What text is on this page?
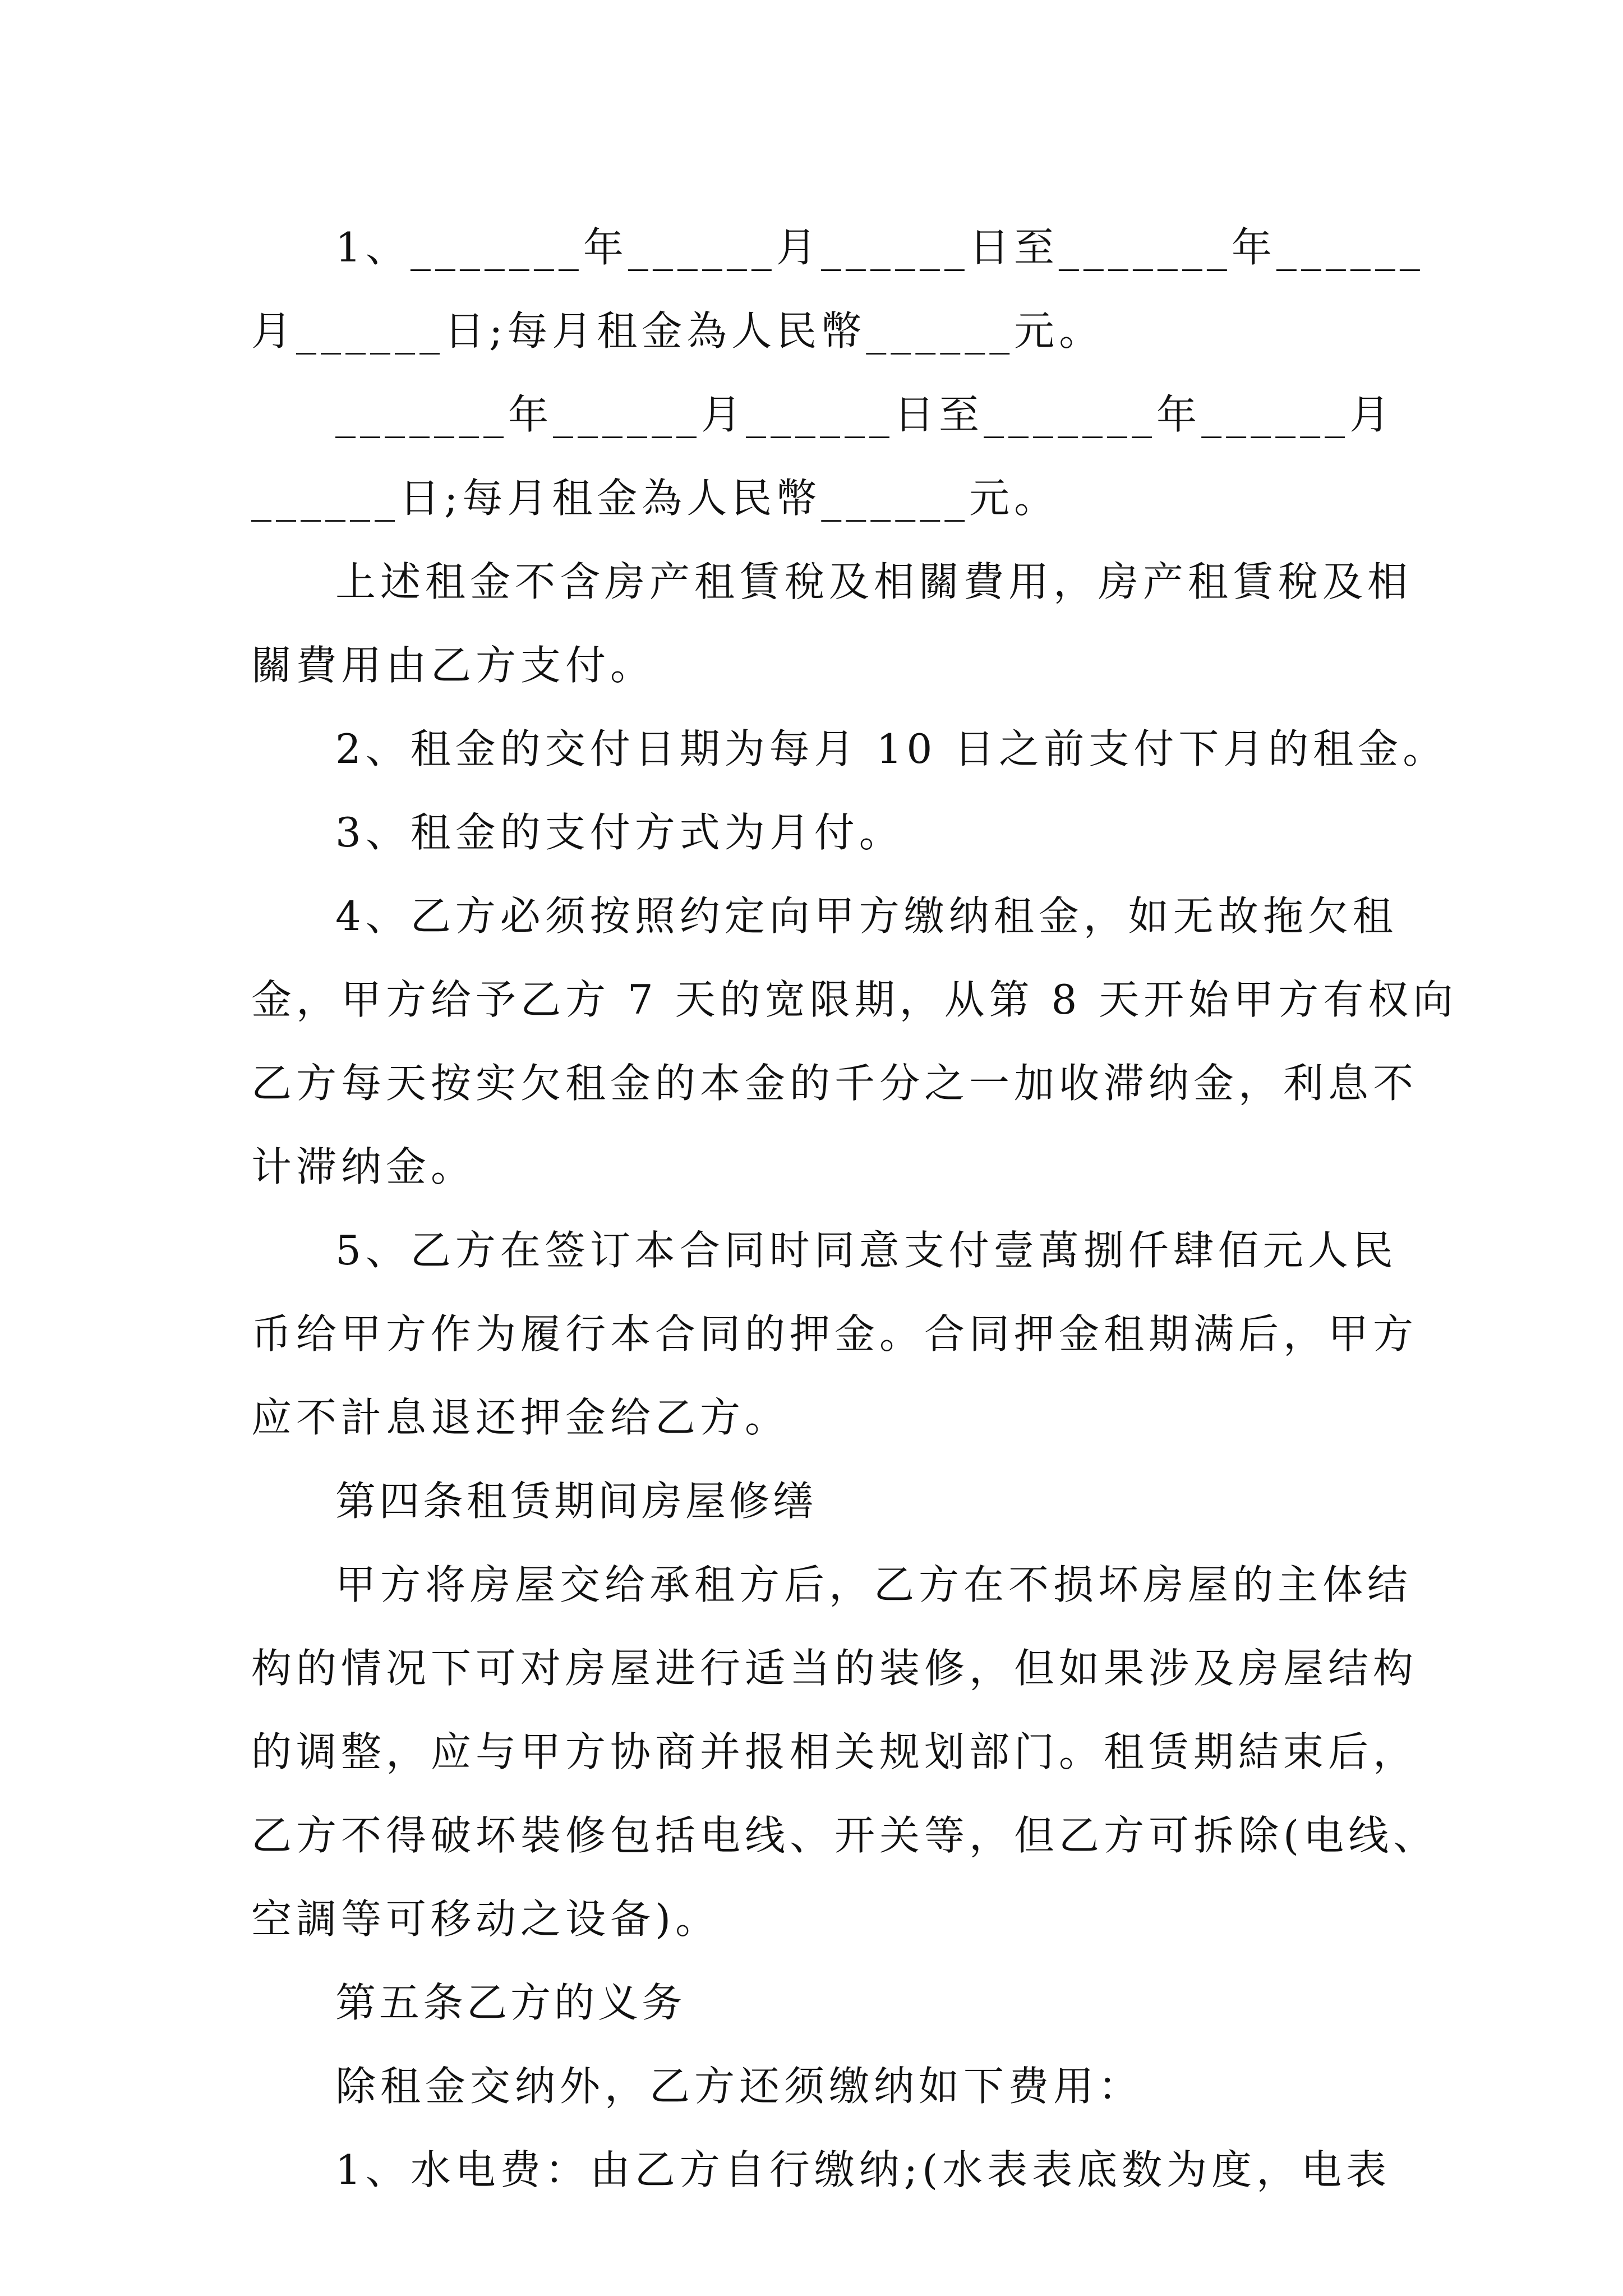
1、 _______年 ______月 ______日至 _______年 ______
月______日;每月租金為人民幣______元。
_______年 ______月 ______日至 _______年 ______月
______日;每月租金為人民幣______元。
上述租金不含房产租賃稅及相關費用，房产租賃稅及相
關費用由乙方支付。
2、租金的交付日期为每月 10 日之前支付下月的租金。
3、租金的支付方式为月付。
4、乙方必须按照约定向甲方缴纳租金，如无故拖欠租
金，甲方给予乙方 7 天的宽限期，从第 8 天开始甲方有权向
乙方每天按实欠租金的本金的千分之一加收滞纳金，利息不
计滞纳金。
5、乙方在签订本合同时同意支付壹萬捌仟肆佰元人民
币给甲方作为履行本合同的押金。合同押金租期满后，甲方
应不計息退还押金给乙方。
第四条租赁期间房屋修缮
甲方将房屋交给承租方后，乙方在不损坏房屋的主体结
构的情况下可对房屋进行适当的装修，但如果涉及房屋结构
的调整，应与甲方协商并报相关规划部门。租赁期結束后，
乙方不得破坏裝修包括电线、开关等，但乙方可拆除(电线、
空調等可移动之设备)。
第五条乙方的义务
除租金交纳外，乙方还须缴纳如下费用：
1、水电费：由乙方自行缴纳;(水表表底数为度，电表
